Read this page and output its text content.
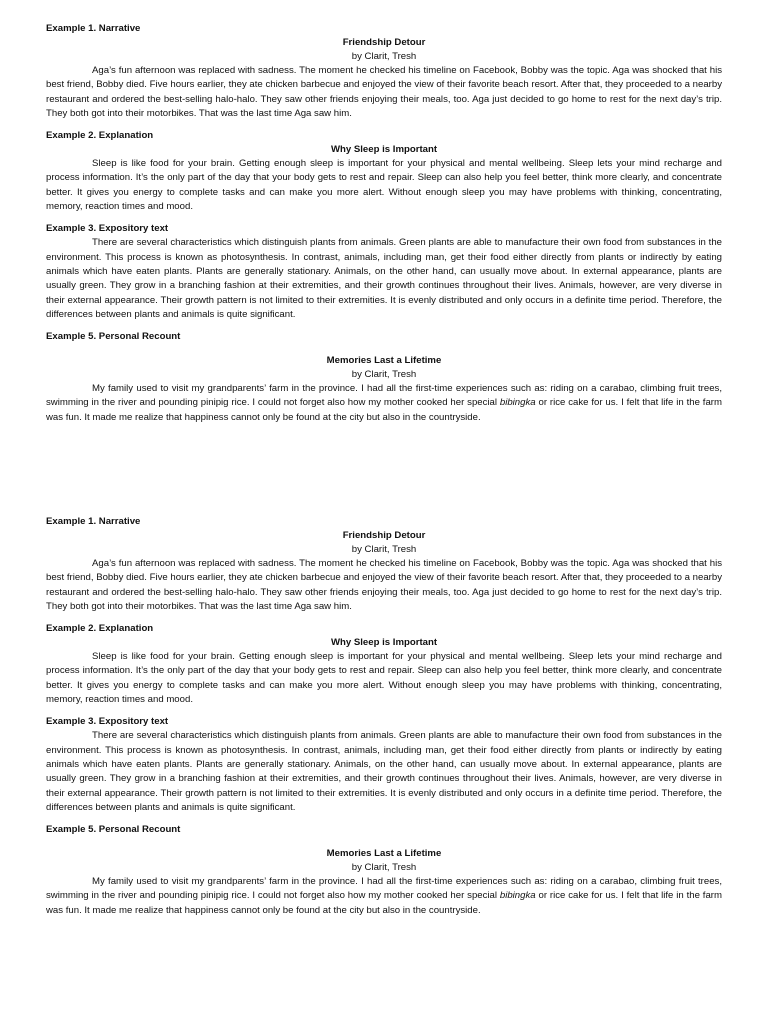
Example 1. Narrative
Friendship Detour
by Clarit, Tresh

Aga’s fun afternoon was replaced with sadness. The moment he checked his timeline on Facebook, Bobby was the topic. Aga was shocked that his best friend, Bobby died. Five hours earlier, they ate chicken barbecue and enjoyed the view of their favorite beach resort. After that, they proceeded to a nearby restaurant and ordered the best-selling halo-halo. They saw other friends enjoying their meals, too. Aga just decided to go home to rest for the next day’s trip. They both got into their motorbikes. That was the last time Aga saw him.

Example 2. Explanation
Why Sleep is Important

Sleep is like food for your brain. Getting enough sleep is important for your physical and mental wellbeing. Sleep lets your mind recharge and process information. It’s the only part of the day that your body gets to rest and repair. Sleep can also help you feel better, think more clearly, and concentrate better. It gives you energy to complete tasks and can make you more alert. Without enough sleep you may have problems with thinking, concentrating, memory, reaction times and mood.

Example 3. Expository text

There are several characteristics which distinguish plants from animals. Green plants are able to manufacture their own food from substances in the environment. This process is known as photosynthesis. In contrast, animals, including man, get their food either directly from plants or indirectly by eating animals which have eaten plants. Plants are generally stationary. Animals, on the other hand, can usually move about. In external appearance, plants are usually green. They grow in a branching fashion at their extremities, and their growth continues throughout their lives. Animals, however, are very diverse in their external appearance. Their growth pattern is not limited to their extremities. It is evenly distributed and only occurs in a definite time period. Therefore, the differences between plants and animals is quite significant.

Example 5. Personal Recount
Memories Last a Lifetime
by Clarit, Tresh

My family used to visit my grandparents’ farm in the province. I had all the first-time experiences such as: riding on a carabao, climbing fruit trees, swimming in the river and pounding pinipig rice. I could not forget also how my mother cooked her special bibingka or rice cake for us. I felt that life in the farm was fun. It made me realize that happiness cannot only be found at the city but also in the countryside.

Example 1. Narrative
Friendship Detour
by Clarit, Tresh

Aga’s fun afternoon was replaced with sadness. The moment he checked his timeline on Facebook, Bobby was the topic. Aga was shocked that his best friend, Bobby died. Five hours earlier, they ate chicken barbecue and enjoyed the view of their favorite beach resort. After that, they proceeded to a nearby restaurant and ordered the best-selling halo-halo. They saw other friends enjoying their meals, too. Aga just decided to go home to rest for the next day’s trip. They both got into their motorbikes. That was the last time Aga saw him.

Example 2. Explanation
Why Sleep is Important

Sleep is like food for your brain. Getting enough sleep is important for your physical and mental wellbeing. Sleep lets your mind recharge and process information. It’s the only part of the day that your body gets to rest and repair. Sleep can also help you feel better, think more clearly, and concentrate better. It gives you energy to complete tasks and can make you more alert. Without enough sleep you may have problems with thinking, concentrating, memory, reaction times and mood.

Example 3. Expository text

There are several characteristics which distinguish plants from animals. Green plants are able to manufacture their own food from substances in the environment. This process is known as photosynthesis. In contrast, animals, including man, get their food either directly from plants or indirectly by eating animals which have eaten plants. Plants are generally stationary. Animals, on the other hand, can usually move about. In external appearance, plants are usually green. They grow in a branching fashion at their extremities, and their growth continues throughout their lives. Animals, however, are very diverse in their external appearance. Their growth pattern is not limited to their extremities. It is evenly distributed and only occurs in a definite time period. Therefore, the differences between plants and animals is quite significant.

Example 5. Personal Recount
Memories Last a Lifetime
by Clarit, Tresh

My family used to visit my grandparents’ farm in the province. I had all the first-time experiences such as: riding on a carabao, climbing fruit trees, swimming in the river and pounding pinipig rice. I could not forget also how my mother cooked her special bibingka or rice cake for us. I felt that life in the farm was fun. It made me realize that happiness cannot only be found at the city but also in the countryside.
